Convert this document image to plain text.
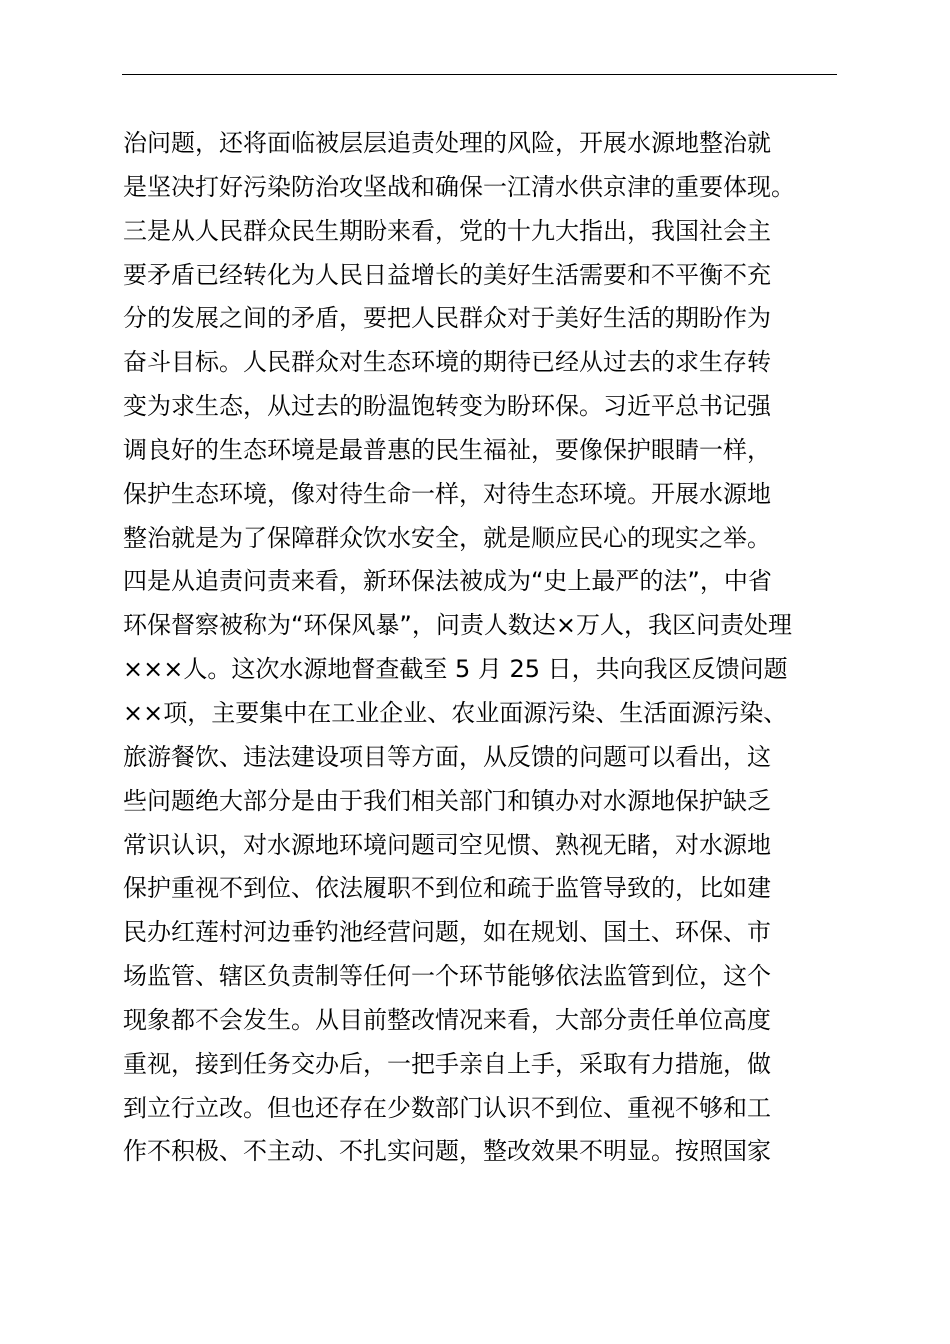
治问题，还将面临被层层追责处理的风险，开展水源地整治就
是坚决打好污染防治攻坚战和确保一江清水供京津的重要体现。
三是从人民群众民生期盼来看，党的十九大指出，我国社会主
要矛盾已经转化为人民日益增长的美好生活需要和不平衡不充
分的发展之间的矛盾，要把人民群众对于美好生活的期盼作为
奋斗目标。人民群众对生态环境的期待已经从过去的求生存转
变为求生态，从过去的盼温饱转变为盼环保。习近平总书记强
调良好的生态环境是最普惠的民生福祉，要像保护眼睛一样，
保护生态环境，像对待生命一样，对待生态环境。开展水源地
整治就是为了保障群众饮水安全，就是顺应民心的现实之举。
四是从追责问责来看，新环保法被成为“史上最严的法”，中省
环保督察被称为“环保风暴”，问责人数达×万人，我区问责处理
×××人。这次水源地督查截至 5 月 25 日，共向我区反馈问题
××项，主要集中在工业企业、农业面源污染、生活面源污染、
旅游餐饮、违法建设项目等方面，从反馈的问题可以看出，这
些问题绝大部分是由于我们相关部门和镇办对水源地保护缺乏
常识认识，对水源地环境问题司空见惯、熟视无睹，对水源地
保护重视不到位、依法履职不到位和疏于监管导致的，比如建
民办红莲村河边垂钓池经营问题，如在规划、国土、环保、市
场监管、辖区负责制等任何一个环节能够依法监管到位，这个
现象都不会发生。从目前整改情况来看，大部分责任单位高度
重视，接到任务交办后，一把手亲自上手，采取有力措施，做
到立行立改。但也还存在少数部门认识不到位、重视不够和工
作不积极、不主动、不扎实问题，整改效果不明显。按照国家
